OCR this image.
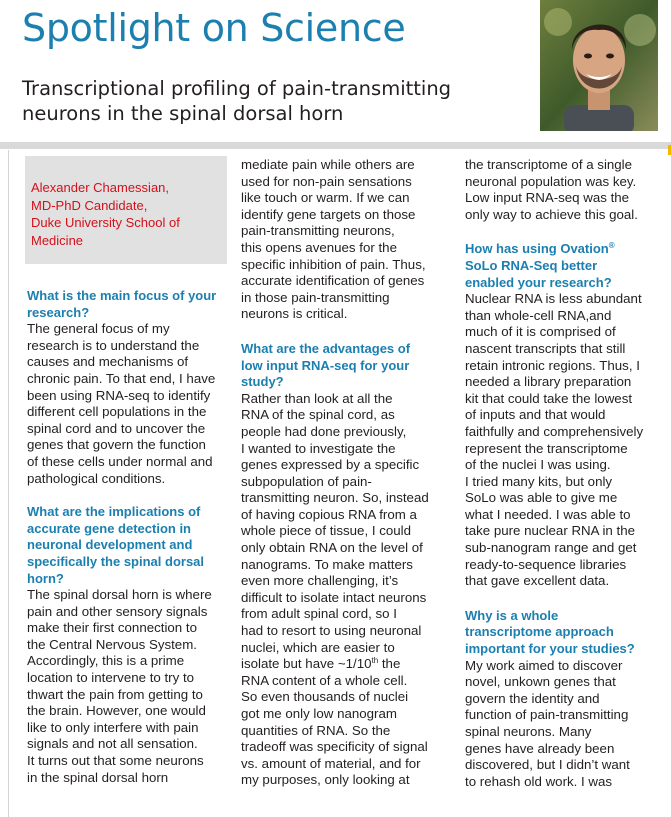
Spotlight on Science
Transcriptional profiling of pain-transmitting
neurons in the spinal dorsal horn
Alexander Chamessian,
MD-PhD Candidate,
Duke University School of
Medicine
What is the main focus of your
research?
The general focus of my
research is to understand the
causes and mechanisms of
chronic pain. To that end, I have
been using RNA-seq to identify
different cell populations in the
spinal cord and to uncover the
genes that govern the function
of these cells under normal and
pathological conditions.
What are the implications of
accurate gene detection in
neuronal development and
specifically the spinal dorsal
horn?
The spinal dorsal horn is where
pain and other sensory signals
make their first connection to
the Central Nervous System.
Accordingly, this is a prime
location to intervene to try to
thwart the pain from getting to
the brain. However, one would
like to only interfere with pain
signals and not all sensation.
It turns out that some neurons
in the spinal dorsal horn
mediate pain while others are
used for non-pain sensations
like touch or warm. If we can
identify gene targets on those
pain-transmitting neurons,
this opens avenues for the
specific inhibition of pain. Thus,
accurate identification of genes
in those pain-transmitting
neurons is critical.
What are the advantages of
low input RNA-seq for your
study?
Rather than look at all the
RNA of the spinal cord, as
people had done previously,
I wanted to investigate the
genes expressed by a specific
subpopulation of pain-
transmitting neuron. So, instead
of having copious RNA from a
whole piece of tissue, I could
only obtain RNA on the level of
nanograms. To make matters
even more challenging, it’s
difficult to isolate intact neurons
from adult spinal cord, so I
had to resort to using neuronal
nuclei, which are easier to
isolate but have ~1/10th the
RNA content of a whole cell.
So even thousands of nuclei
got me only low nanogram
quantities of RNA. So the
tradeoff was specificity of signal
vs. amount of material, and for
my purposes, only looking at
the transcriptome of a single
neuronal population was key.
Low input RNA-seq was the
only way to achieve this goal.
How has using Ovation®
SoLo RNA-Seq better
enabled your research?
Nuclear RNA is less abundant
than whole-cell RNA,and
much of it is comprised of
nascent transcripts that still
retain intronic regions. Thus, I
needed a library preparation
kit that could take the lowest
of inputs and that would
faithfully and comprehensively
represent the transcriptome
of the nuclei I was using.
I tried many kits, but only
SoLo was able to give me
what I needed. I was able to
take pure nuclear RNA in the
sub-nanogram range and get
ready-to-sequence libraries
that gave excellent data.
Why is a whole
transcriptome approach
important for your studies?
My work aimed to discover
novel, unkown genes that
govern the identity and
function of pain-transmitting
spinal neurons. Many
genes have already been
discovered, but I didn’t want
to rehash old work. I was
